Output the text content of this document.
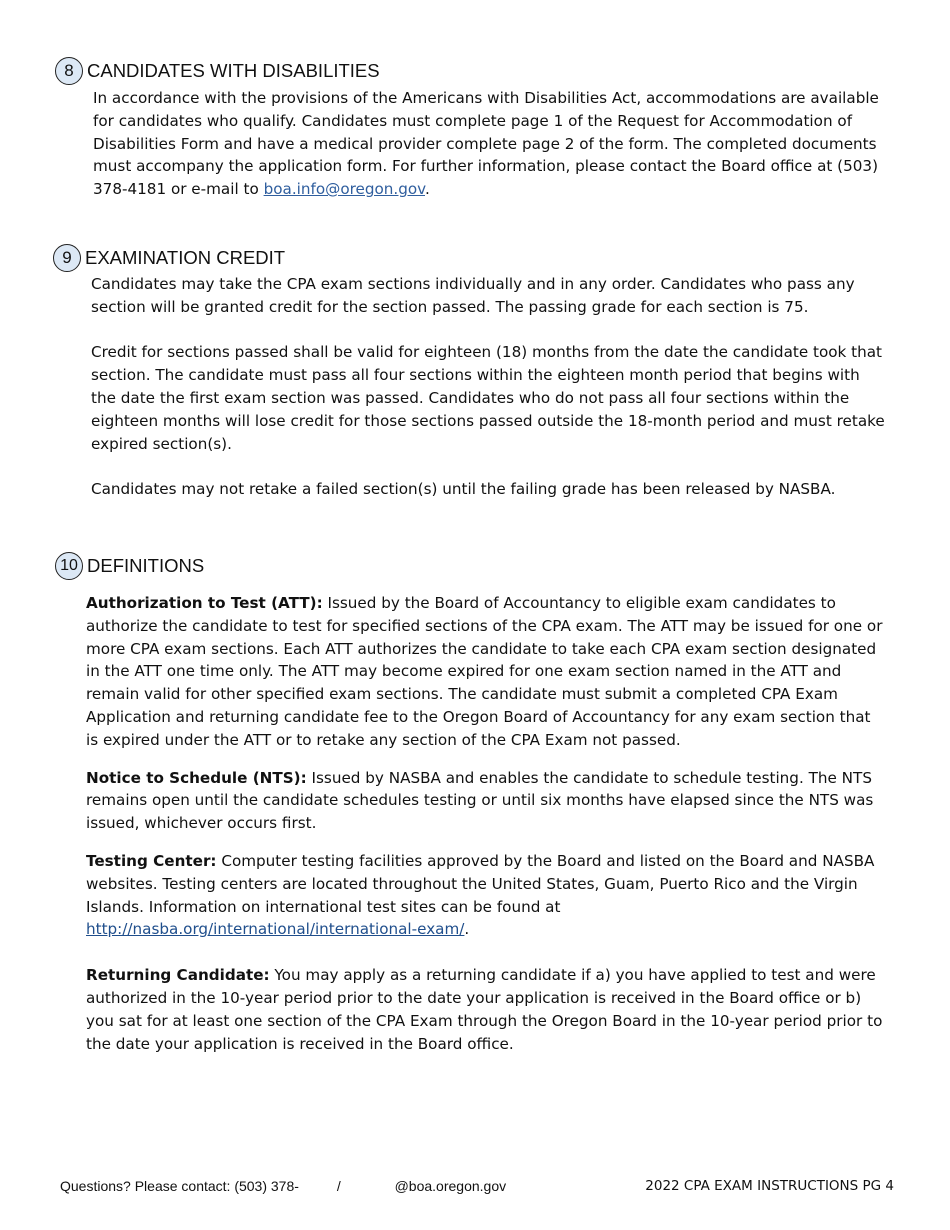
8 CANDIDATES WITH DISABILITIES

In accordance with the provisions of the Americans with Disabilities Act, accommodations are available for candidates who qualify. Candidates must complete page 1 of the Request for Accommodation of Disabilities Form and have a medical provider complete page 2 of the form. The completed documents must accompany the application form. For further information, please contact the Board office at (503) 378-4181 or e-mail to boa.info@oregon.gov.

9 EXAMINATION CREDIT

Candidates may take the CPA exam sections individually and in any order. Candidates who pass any section will be granted credit for the section passed. The passing grade for each section is 75.

Credit for sections passed shall be valid for eighteen (18) months from the date the candidate took that section. The candidate must pass all four sections within the eighteen month period that begins with the date the first exam section was passed. Candidates who do not pass all four sections within the eighteen months will lose credit for those sections passed outside the 18-month period and must retake expired section(s).

Candidates may not retake a failed section(s) until the failing grade has been released by NASBA.

10 DEFINITIONS

Authorization to Test (ATT): Issued by the Board of Accountancy to eligible exam candidates to authorize the candidate to test for specified sections of the CPA exam. The ATT may be issued for one or more CPA exam sections. Each ATT authorizes the candidate to take each CPA exam section designated in the ATT one time only. The ATT may become expired for one exam section named in the ATT and remain valid for other specified exam sections. The candidate must submit a completed CPA Exam Application and returning candidate fee to the Oregon Board of Accountancy for any exam section that is expired under the ATT or to retake any section of the CPA Exam not passed.

Notice to Schedule (NTS): Issued by NASBA and enables the candidate to schedule testing. The NTS remains open until the candidate schedules testing or until six months have elapsed since the NTS was issued, whichever occurs first.

Testing Center: Computer testing facilities approved by the Board and listed on the Board and NASBA websites. Testing centers are located throughout the United States, Guam, Puerto Rico and the Virgin Islands. Information on international test sites can be found at http://nasba.org/international/international-exam/.

Returning Candidate: You may apply as a returning candidate if a) you have applied to test and were authorized in the 10-year period prior to the date your application is received in the Board office or b) you sat for at least one section of the CPA Exam through the Oregon Board in the 10-year period prior to the date your application is received in the Board office.

Questions? Please contact: (503) 378-	/	@boa.oregon.gov	2022 CPA EXAM INSTRUCTIONS PG 4
